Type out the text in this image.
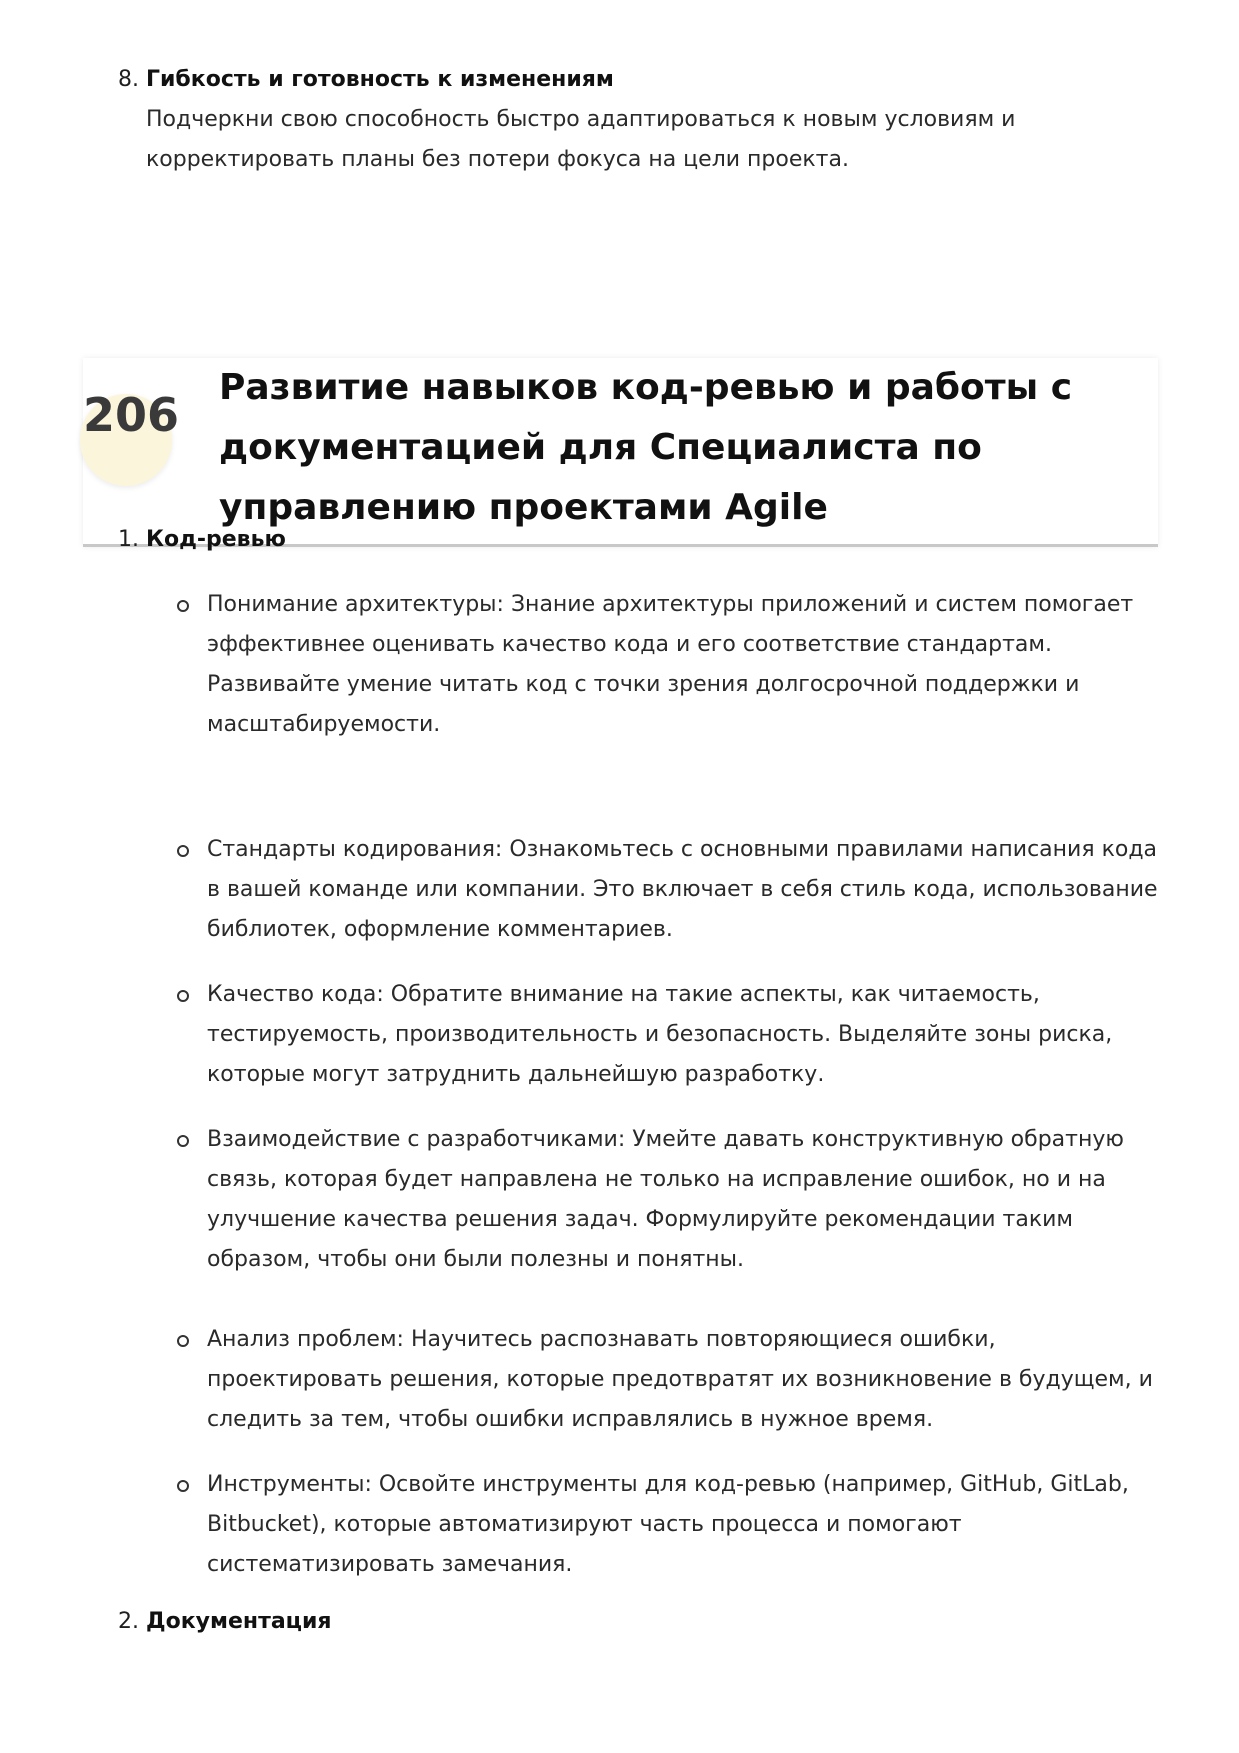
8. Гибкость и готовность к изменениям
Подчеркни свою способность быстро адаптироваться к новым условиям и корректировать планы без потери фокуса на цели проекта.
206
Развитие навыков код-ревью и работы с документацией для Специалиста по управлению проектами Agile
1. Код-ревью
Понимание архитектуры: Знание архитектуры приложений и систем помогает эффективнее оценивать качество кода и его соответствие стандартам. Развивайте умение читать код с точки зрения долгосрочной поддержки и масштабируемости.
Стандарты кодирования: Ознакомьтесь с основными правилами написания кода в вашей команде или компании. Это включает в себя стиль кода, использование библиотек, оформление комментариев.
Качество кода: Обратите внимание на такие аспекты, как читаемость, тестируемость, производительность и безопасность. Выделяйте зоны риска, которые могут затруднить дальнейшую разработку.
Взаимодействие с разработчиками: Умейте давать конструктивную обратную связь, которая будет направлена не только на исправление ошибок, но и на улучшение качества решения задач. Формулируйте рекомендации таким образом, чтобы они были полезны и понятны.
Анализ проблем: Научитесь распознавать повторяющиеся ошибки, проектировать решения, которые предотвратят их возникновение в будущем, и следить за тем, чтобы ошибки исправлялись в нужное время.
Инструменты: Освойте инструменты для код-ревью (например, GitHub, GitLab, Bitbucket), которые автоматизируют часть процесса и помогают систематизировать замечания.
2. Документация
